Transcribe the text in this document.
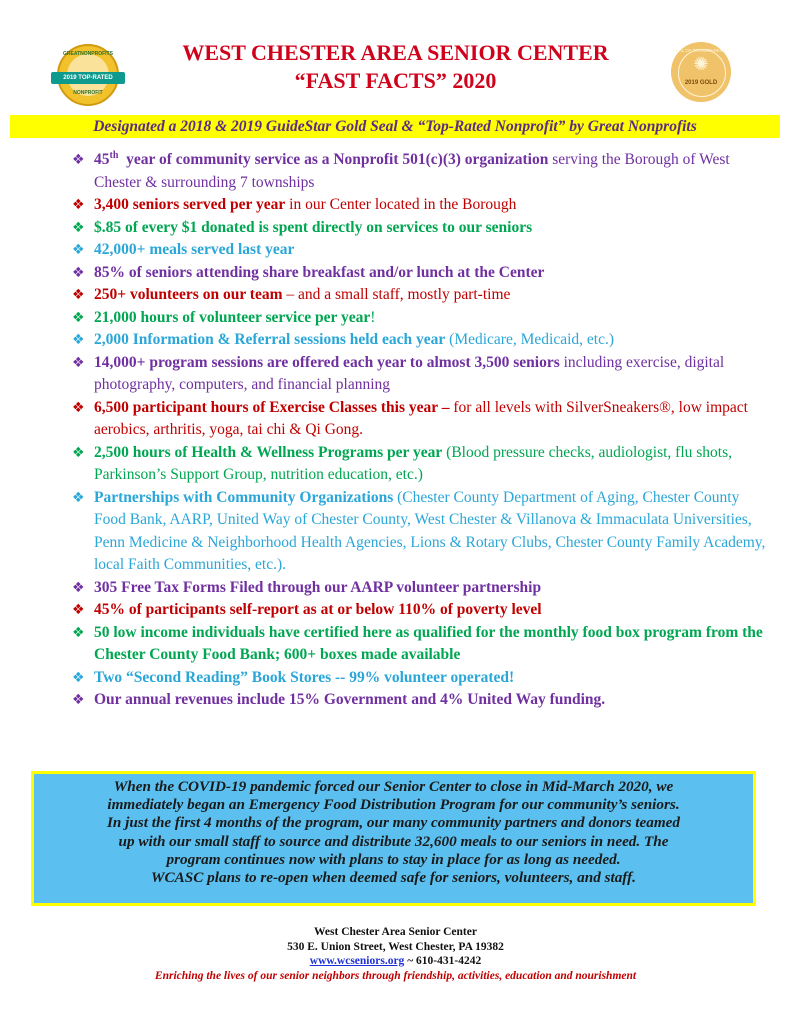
WEST CHESTER AREA SENIOR CENTER
“FAST FACTS” 2020
GREATNONPROFITS
2019 TOP-RATED
NONPROFIT
SEAL OF TRANSPARENCY
✺
2019 GOLD
Designated a 2018 & 2019 GuideStar Gold Seal & “Top-Rated Nonprofit” by Great Nonprofits
❖ 45th  year of community service as a Nonprofit 501(c)(3) organization serving the Borough of West Chester & surrounding 7 townships
❖ 3,400 seniors served per year in our Center located in the Borough
❖ $.85 of every $1 donated is spent directly on services to our seniors
❖ 42,000+ meals served last year
❖ 85% of seniors attending share breakfast and/or lunch at the Center
❖ 250+ volunteers on our team – and a small staff, mostly part-time
❖ 21,000 hours of volunteer service per year!
❖ 2,000 Information & Referral sessions held each year (Medicare, Medicaid, etc.)
❖ 14,000+ program sessions are offered each year to almost 3,500 seniors including exercise, digital photography, computers, and financial planning
❖ 6,500 participant hours of Exercise Classes this year – for all levels with SilverSneakers®, low impact aerobics, arthritis, yoga, tai chi & Qi Gong.
❖ 2,500 hours of Health & Wellness Programs per year (Blood pressure checks, audiologist, flu shots, Parkinson’s Support Group, nutrition education, etc.)
❖ Partnerships with Community Organizations (Chester County Department of Aging, Chester County Food Bank, AARP, United Way of Chester County, West Chester & Villanova & Immaculata Universities, Penn Medicine & Neighborhood Health Agencies, Lions & Rotary Clubs, Chester County Family Academy, local Faith Communities, etc.).
❖ 305 Free Tax Forms Filed through our AARP volunteer partnership
❖ 45% of participants self-report as at or below 110% of poverty level
❖ 50 low income individuals have certified here as qualified for the monthly food box program from the Chester County Food Bank; 600+ boxes made available
❖ Two “Second Reading” Book Stores -- 99% volunteer operated!
❖ Our annual revenues include 15% Government and 4% United Way funding.
When the COVID-19 pandemic forced our Senior Center to close in Mid-March 2020, we
immediately began an Emergency Food Distribution Program for our community’s seniors.
In just the first 4 months of the program, our many community partners and donors teamed
up with our small staff to source and distribute 32,600 meals to our seniors in need. The
program continues now with plans to stay in place for as long as needed.
WCASC plans to re-open when deemed safe for seniors, volunteers, and staff.
West Chester Area Senior Center
530 E. Union Street, West Chester, PA 19382
www.wcseniors.org ~ 610-431-4242
Enriching the lives of our senior neighbors through friendship, activities, education and nourishment
